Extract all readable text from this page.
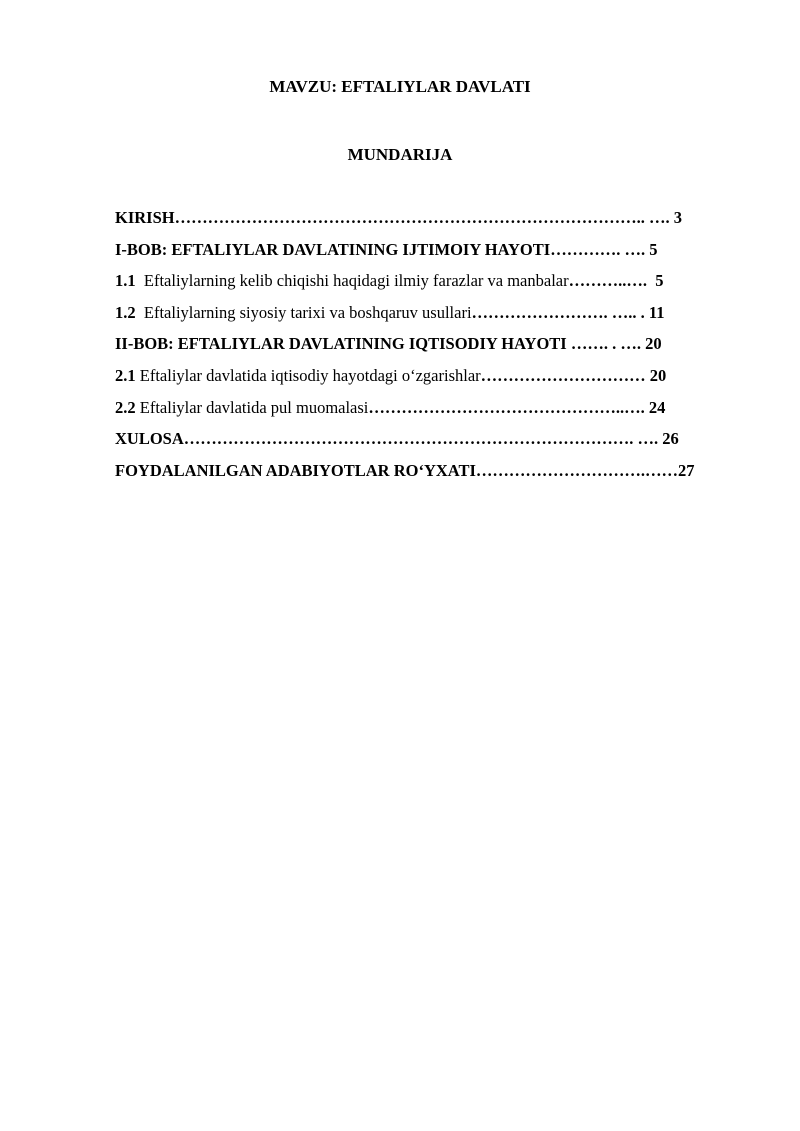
MAVZU: EFTALIYLAR DAVLATI
MUNDARIJA
KIRISH………………………………………………………………………….. …. 3
I-BOB: EFTALIYLAR DAVLATINING IJTIMOIY HAYOTI…………. …. 5
1.1  Eftaliylarning kelib chiqishi haqidagi ilmiy farazlar va manbalar………..….  5
1.2  Eftaliylarning siyosiy tarixi va boshqaruv usullari……………………. ….. . 11
II-BOB: EFTALIYLAR DAVLATINING IQTISODIY HAYOTI ……. . …. 20
2.1 Eftaliylar davlatida iqtisodiy hayotdagi o‘zgarishlar………………………… 20
2.2 Eftaliylar davlatida pul muomalasi………………………………………..…. 24
XULOSA………………………………………………………………………. …. 26
FOYDALANILGAN ADABIYOTLAR RO‘YXATI………………………….……27
